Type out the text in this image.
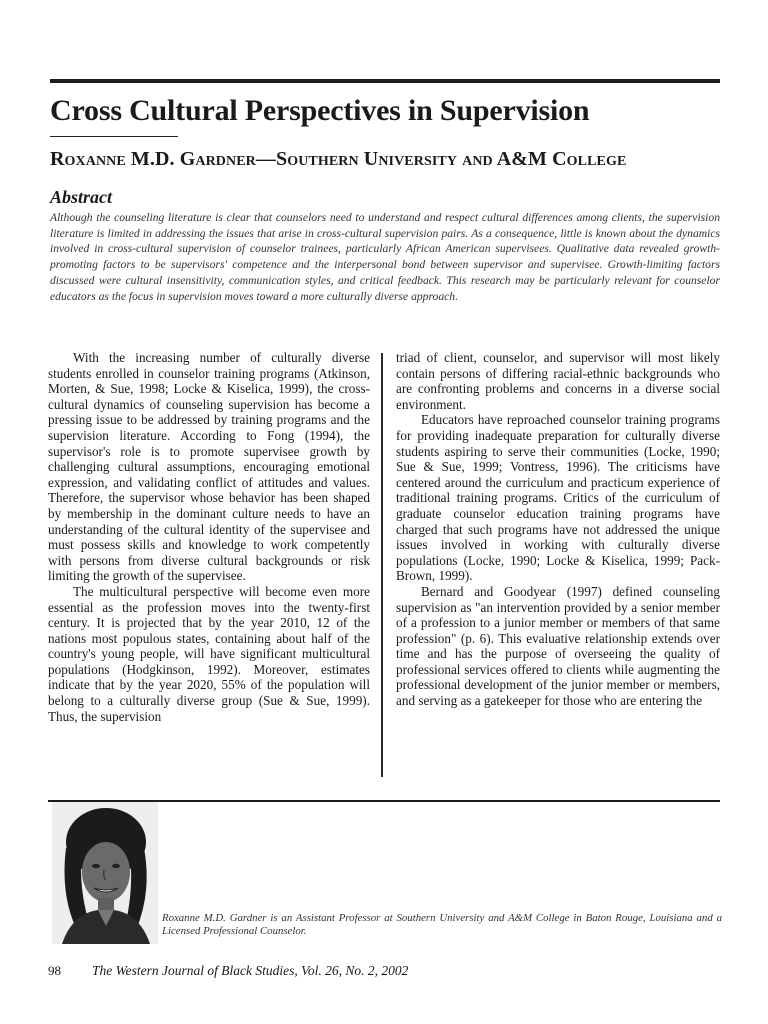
Cross Cultural Perspectives in Supervision
Roxanne M.D. Gardner—Southern University and A&M College
Abstract

Although the counseling literature is clear that counselors need to understand and respect cultural differences among clients, the supervision literature is limited in addressing the issues that arise in cross-cultural supervision pairs. As a consequence, little is known about the dynamics involved in cross-cultural supervision of counselor trainees, particularly African American supervisees. Qualitative data revealed growth-promoting factors to be supervisors' competence and the interpersonal bond between supervisor and supervisee. Growth-limiting factors discussed were cultural insensitivity, communication styles, and critical feedback. This research may be particularly relevant for counselor educators as the focus in supervision moves toward a more culturally diverse approach.

With the increasing number of culturally diverse students enrolled in counselor training programs (Atkinson, Morten, & Sue, 1998; Locke & Kiselica, 1999), the cross-cultural dynamics of counseling supervision has become a pressing issue to be addressed by training programs and the supervision literature. According to Fong (1994), the supervisor's role is to promote supervisee growth by challenging cultural assumptions, encouraging emotional expression, and validating conflict of attitudes and values. Therefore, the supervisor whose behavior has been shaped by membership in the dominant culture needs to have an understanding of the cultural identity of the supervisee and must possess skills and knowledge to work competently with persons from diverse cultural backgrounds or risk limiting the growth of the supervisee.

The multicultural perspective will become even more essential as the profession moves into the twenty-first century. It is projected that by the year 2010, 12 of the nations most populous states, containing about half of the country's young people, will have significant multicultural populations (Hodgkinson, 1992). Moreover, estimates indicate that by the year 2020, 55% of the population will belong to a culturally diverse group (Sue & Sue, 1999). Thus, the supervision

triad of client, counselor, and supervisor will most likely contain persons of differing racial-ethnic backgrounds who are confronting problems and concerns in a diverse social environment.

Educators have reproached counselor training programs for providing inadequate preparation for culturally diverse students aspiring to serve their communities (Locke, 1990; Sue & Sue, 1999; Vontress, 1996). The criticisms have centered around the curriculum and practicum experience of traditional training programs. Critics of the curriculum of graduate counselor education training programs have charged that such programs have not addressed the unique issues involved in working with culturally diverse populations (Locke, 1990; Locke & Kiselica, 1999; Pack-Brown, 1999).

Bernard and Goodyear (1997) defined counseling supervision as "an intervention provided by a senior member of a profession to a junior member or members of that same profession" (p. 6). This evaluative relationship extends over time and has the purpose of overseeing the quality of professional services offered to clients while augmenting the professional development of the junior member or members, and serving as a gatekeeper for those who are entering the

Roxanne M.D. Gardner is an Assistant Professor at Southern University and A&M College in Baton Rouge, Louisiana and a Licensed Professional Counselor.

98 The Western Journal of Black Studies, Vol. 26, No. 2, 2002
